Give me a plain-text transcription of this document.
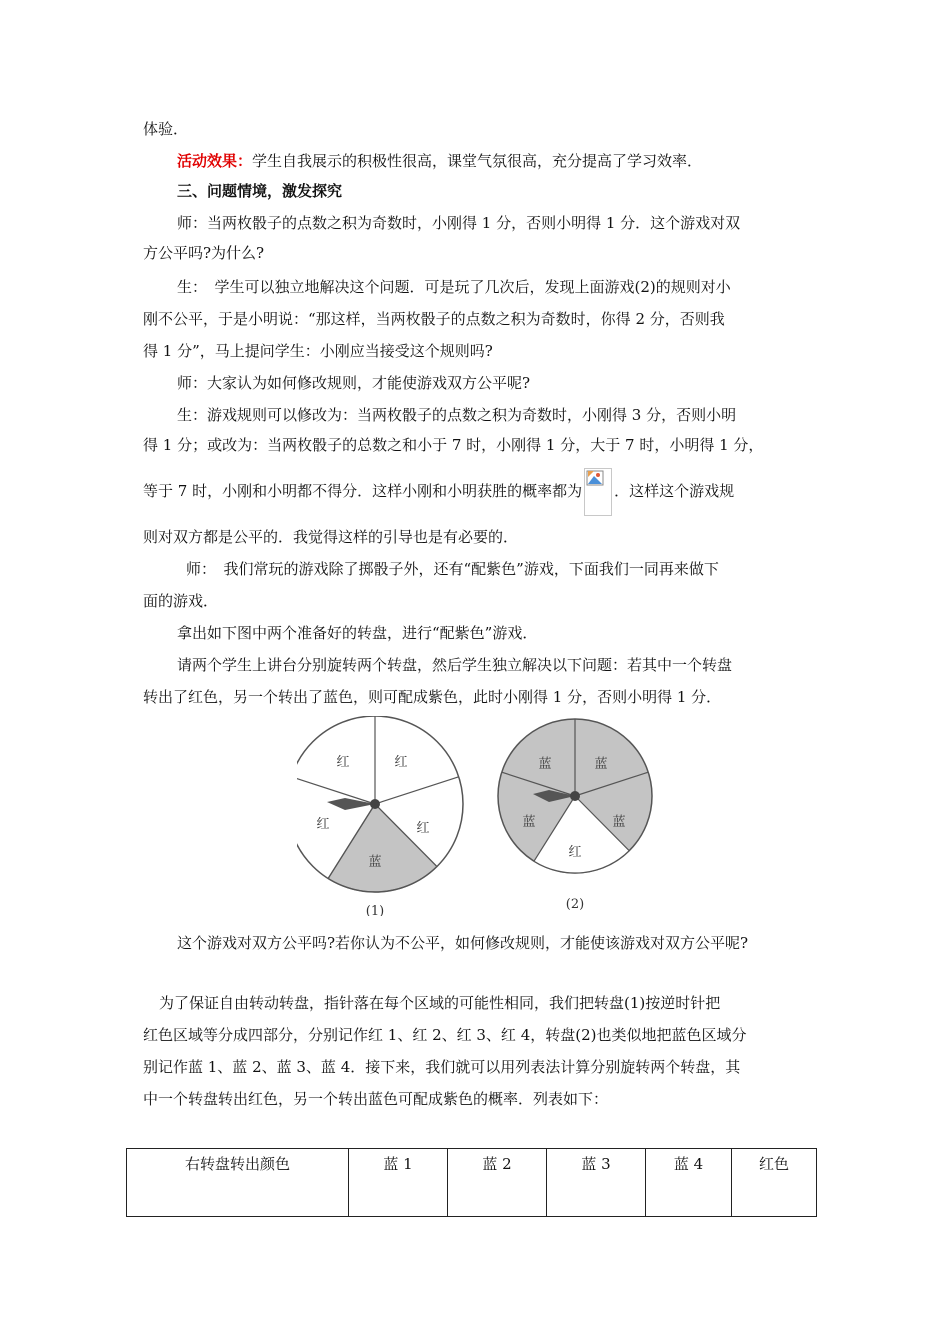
体验．
活动效果：学生自我展示的积极性很高，课堂气氛很高，充分提高了学习效率．
三、问题情境，激发探究
师：当两枚骰子的点数之积为奇数时，小刚得 1 分，否则小明得 1 分．这个游戏对双
方公平吗?为什么?
生：　学生可以独立地解决这个问题．可是玩了几次后，发现上面游戏(2)的规则对小
刚不公平，于是小明说：“那这样，当两枚骰子的点数之积为奇数时，你得 2 分，否则我
得 1 分”，马上提问学生：小刚应当接受这个规则吗?
师：大家认为如何修改规则，才能使游戏双方公平呢?
生：游戏规则可以修改为：当两枚骰子的点数之积为奇数时，小刚得 3 分，否则小明
得 1 分；或改为：当两枚骰子的总数之和小于 7 时，小刚得 1 分，大于 7 时，小明得 1 分，
等于 7 时，小刚和小明都不得分．这样小刚和小明获胜的概率都为 ．这样这个游戏规
则对双方都是公平的．我觉得这样的引导也是有必要的．
师：　我们常玩的游戏除了掷骰子外，还有“配紫色”游戏，下面我们一同再来做下
面的游戏．
拿出如下图中两个准备好的转盘，进行“配紫色”游戏．
请两个学生上讲台分别旋转两个转盘，然后学生独立解决以下问题：若其中一个转盘
转出了红色，另一个转出了蓝色，则可配成紫色，此时小刚得 1 分，否则小明得 1 分．
红	红
红
蓝
红
(1)
蓝	蓝
蓝
红
蓝
(2)
这个游戏对双方公平吗?若你认为不公平，如何修改规则，才能使该游戏对双方公平呢?
为了保证自由转动转盘，指针落在每个区域的可能性相同，我们把转盘(1)按逆时针把
红色区域等分成四部分，分别记作红 1、红 2、红 3、红 4，转盘(2)也类似地把蓝色区域分
别记作蓝 1、蓝 2、蓝 3、蓝 4．接下来，我们就可以用列表法计算分别旋转两个转盘，其
中一个转盘转出红色，另一个转出蓝色可配成紫色的概率．列表如下：
右转盘转出颜色	蓝 1	蓝 2	蓝 3	蓝 4	红色
